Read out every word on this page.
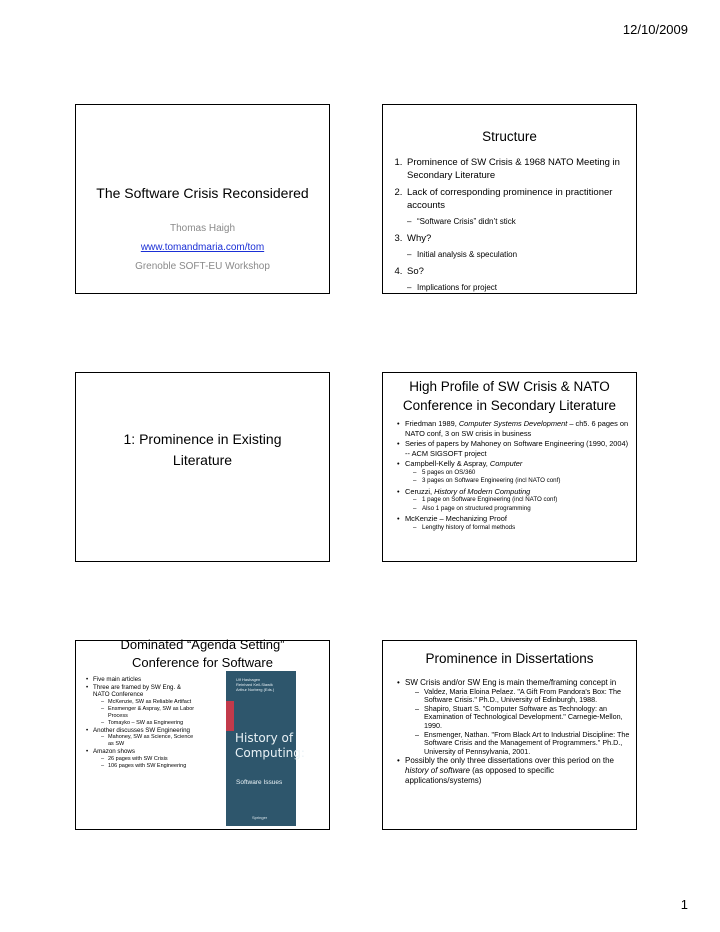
12/10/2009
The Software Crisis Reconsidered
Thomas Haigh
www.tomandmaria.com/tom
Grenoble SOFT-EU Workshop
Structure
1. Prominence of SW Crisis & 1968 NATO Meeting in Secondary Literature
2. Lack of corresponding prominence in practitioner accounts
– “Software Crisis” didn’t stick
3. Why?
– Initial analysis & speculation
4. So?
– Implications for project
1: Prominence in Existing
Literature
High Profile of SW Crisis & NATO
Conference in Secondary Literature
• Friedman 1989, Computer Systems Development – ch5. 6 pages on NATO conf, 3 on SW crisis in business
• Series of papers by Mahoney on Software Engineering (1990, 2004) -- ACM SIGSOFT project
• Campbell-Kelly & Aspray, Computer
– 5 pages on OS/360
– 3 pages on Software Engineering (incl NATO conf)
• Ceruzzi, History of Modern Computing
– 1 page on Software Engineering (incl NATO conf)
– Also 1 page on structured programming
• McKenzie – Mechanizing Proof
– Lengthy history of formal methods
Dominated “Agenda Setting”
Conference for Software
• Five main articles
• Three are framed by SW Eng. & NATO Conference
– McKenzie, SW as Reliable Artifact
– Ensmenger & Aspray, SW as Labor Process
– Tomayko – SW as Engineering
• Another discusses SW Engineering
– Mahoney, SW as Science, Science as SW
• Amazon shows
– 26 pages with SW Crisis
– 106 pages with SW Engineering
Ulf Hashagen
Reinhard Keil-Slawik
Arthur Norberg (Eds.)
History of
Computing:
Software Issues
Springer
Prominence in Dissertations
• SW Crisis and/or SW Eng is main theme/framing concept in
– Valdez, Maria Eloina Pelaez. "A Gift From Pandora's Box: The Software Crisis." Ph.D., University of Edinburgh, 1988.
– Shapiro, Stuart S. "Computer Software as Technology: an Examination of Technological Development." Carnegie-Mellon, 1990.
– Ensmenger, Nathan. "From Black Art to Industrial Discipline: The Software Crisis and the Management of Programmers." Ph.D., University of Pennsylvania, 2001.
• Possibly the only three dissertations over this period on the history of software (as opposed to specific applications/systems)
1
